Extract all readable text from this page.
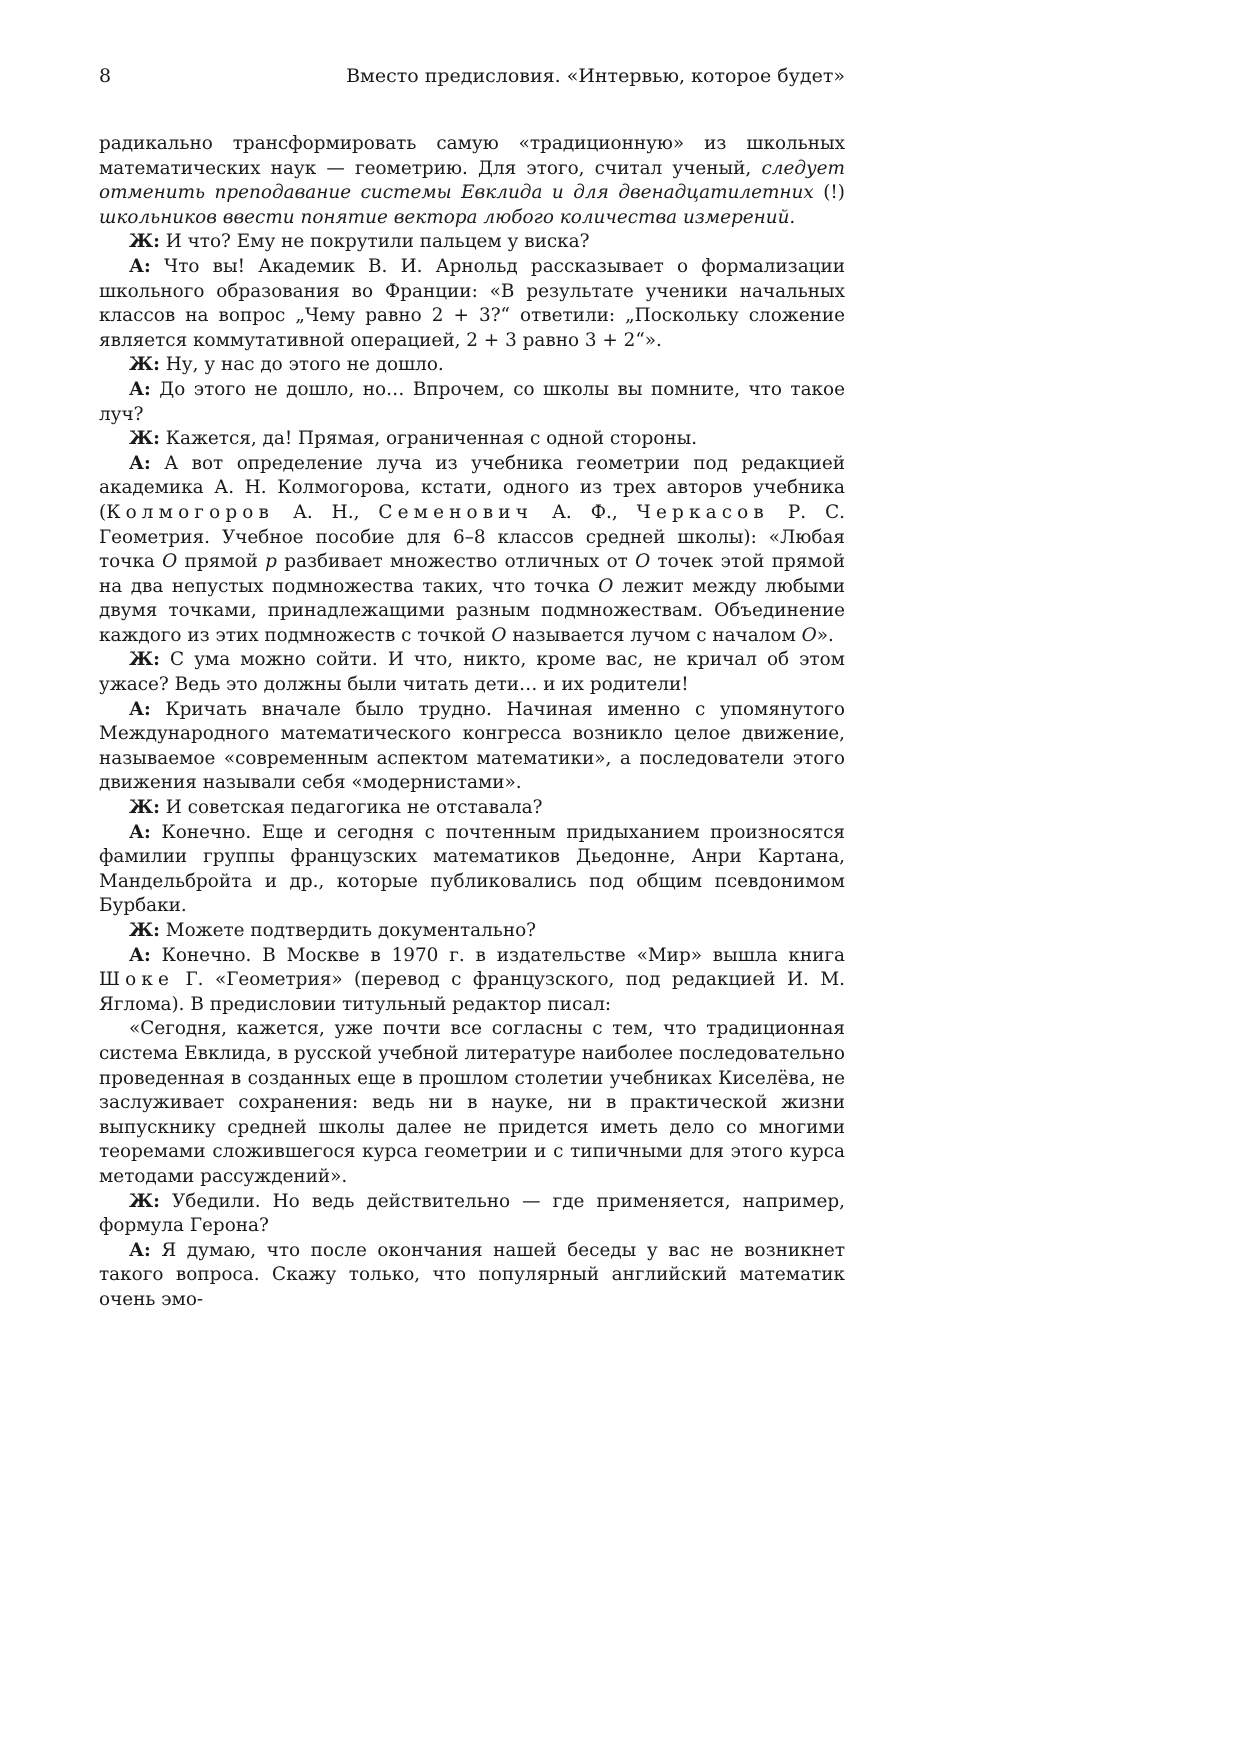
8	Вместо предисловия. «Интервью, которое будет»

радикально трансформировать самую «традиционную» из школьных математических наук — геометрию. Для этого, считал ученый, следует отменить преподавание системы Евклида и для двенадцатилетних (!) школьников ввести понятие вектора любого количества измерений.

Ж: И что? Ему не покрутили пальцем у виска?

А: Что вы! Академик В. И. Арнольд рассказывает о формализации школьного образования во Франции: «В результате ученики начальных классов на вопрос „Чему равно 2 + 3?“ ответили: „Поскольку сложение является коммутативной операцией, 2 + 3 равно 3 + 2“».

Ж: Ну, у нас до этого не дошло.

А: До этого не дошло, но… Впрочем, со школы вы помните, что такое луч?

Ж: Кажется, да! Прямая, ограниченная с одной стороны.

А: А вот определение луча из учебника геометрии под редакцией академика А. Н. Колмогорова, кстати, одного из трех авторов учебника (Колмогоров А. Н., Семенович А. Ф., Черкасов Р. С. Геометрия. Учебное пособие для 6–8 классов средней школы): «Любая точка O прямой p разбивает множество отличных от O точек этой прямой на два непустых подмножества таких, что точка O лежит между любыми двумя точками, принадлежащими разным подмножествам. Объединение каждого из этих подмножеств с точкой O называется лучом с началом O».

Ж: С ума можно сойти. И что, никто, кроме вас, не кричал об этом ужасе? Ведь это должны были читать дети… и их родители!

А: Кричать вначале было трудно. Начиная именно с упомянутого Международного математического конгресса возникло целое движение, называемое «современным аспектом математики», а последователи этого движения называли себя «модернистами».

Ж: И советская педагогика не отставала?

А: Конечно. Еще и сегодня с почтенным придыханием произносятся фамилии группы французских математиков Дьедонне, Анри Картана, Мандельбройта и др., которые публиковались под общим псевдонимом Бурбаки.

Ж: Можете подтвердить документально?

А: Конечно. В Москве в 1970 г. в издательстве «Мир» вышла книга Шоке Г. «Геометрия» (перевод с французского, под редакцией И. М. Яглома). В предисловии титульный редактор писал:

«Сегодня, кажется, уже почти все согласны с тем, что традиционная система Евклида, в русской учебной литературе наиболее последовательно проведенная в созданных еще в прошлом столетии учебниках Киселёва, не заслуживает сохранения: ведь ни в науке, ни в практической жизни выпускнику средней школы далее не придется иметь дело со многими теоремами сложившегося курса геометрии и с типичными для этого курса методами рассуждений».

Ж: Убедили. Но ведь действительно — где применяется, например, формула Герона?

А: Я думаю, что после окончания нашей беседы у вас не возникнет такого вопроса. Скажу только, что популярный английский математик очень эмо-
